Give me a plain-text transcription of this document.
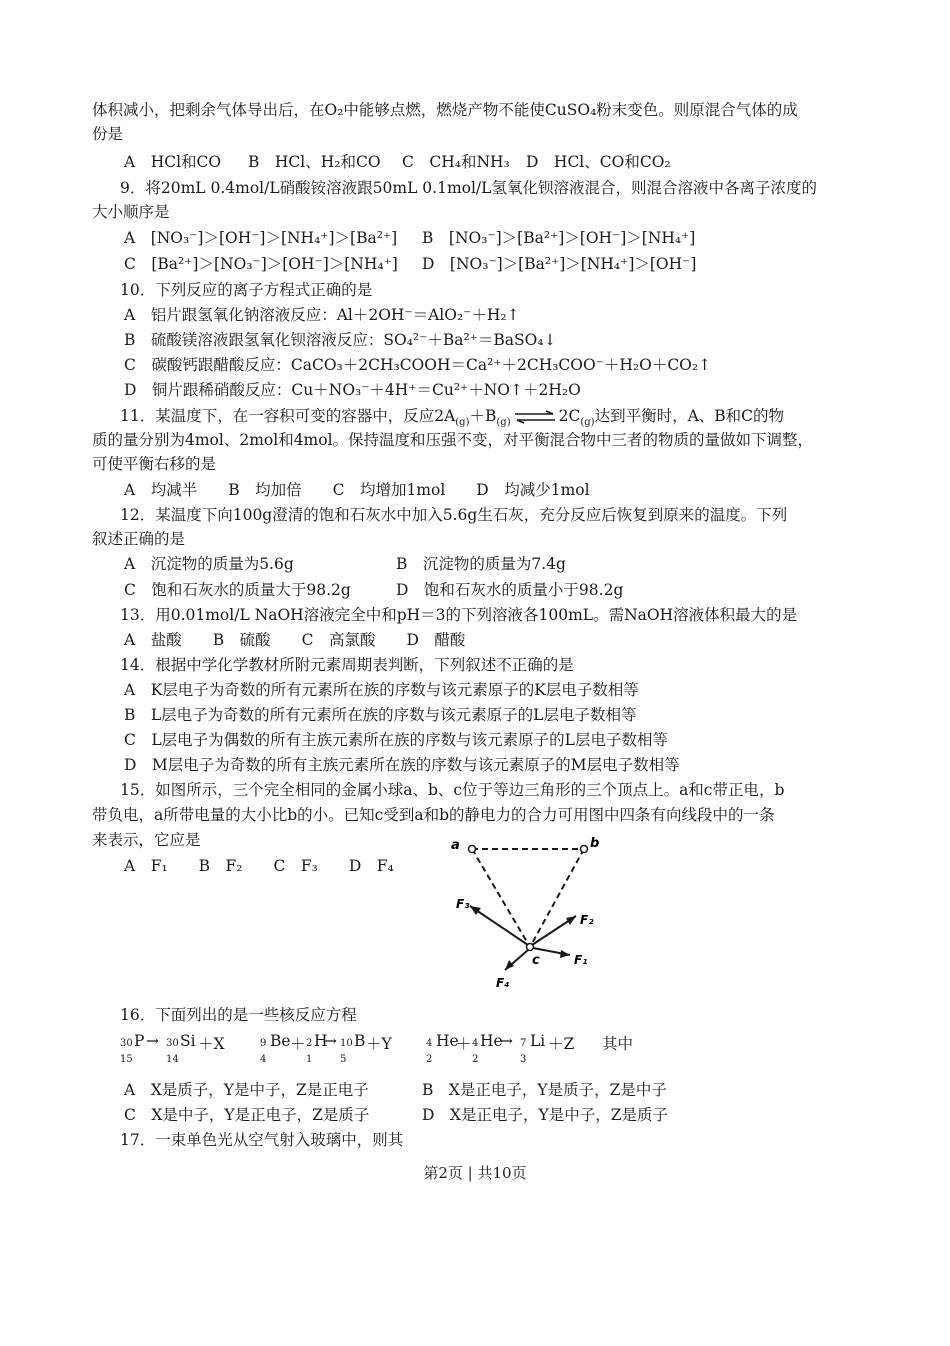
体积减小，把剩余气体导出后，在O₂中能够点燃，燃烧产物不能使CuSO₄粉末变色。则原混合气体的成
份是
A　HCl和CO B　HCl、H₂和CO C　CH₄和NH₃ D　HCl、CO和CO₂
9．将20mL 0.4mol/L硝酸铵溶液跟50mL 0.1mol/L氢氧化钡溶液混合，则混合溶液中各离子浓度的
大小顺序是
A　[NO₃⁻]＞[OH⁻]＞[NH₄⁺]＞[Ba²⁺] B　[NO₃⁻]＞[Ba²⁺]＞[OH⁻]＞[NH₄⁺]
C　[Ba²⁺]＞[NO₃⁻]＞[OH⁻]＞[NH₄⁺] D　[NO₃⁻]＞[Ba²⁺]＞[NH₄⁺]＞[OH⁻]
10．下列反应的离子方程式正确的是
A　铝片跟氢氧化钠溶液反应：Al＋2OH⁻＝AlO₂⁻＋H₂↑
B　硫酸镁溶液跟氢氧化钡溶液反应：SO₄²⁻＋Ba²⁺＝BaSO₄↓
C　碳酸钙跟醋酸反应：CaCO₃＋2CH₃COOH＝Ca²⁺＋2CH₃COO⁻＋H₂O＋CO₂↑
D　铜片跟稀硝酸反应：Cu＋NO₃⁻＋4H⁺＝Cu²⁺＋NO↑＋2H₂O
11．某温度下，在一容积可变的容器中，反应$2A_{(g)}+B_{(g)}$ ⇌ $2C_{(g)}$达到平衡时，A、B和C的物
质的量分别为4mol、2mol和4mol。保持温度和压强不变，对平衡混合物中三者的物质的量做如下调整，
可使平衡右移的是
A　均减半　　B　均加倍　　C　均增加1mol　　D　均减少1mol
12．某温度下向100g澄清的饱和石灰水中加入5.6g生石灰，充分反应后恢复到原来的温度。下列
叙述正确的是
A　沉淀物的质量为5.6g	B　沉淀物的质量为7.4g
C　饱和石灰水的质量大于98.2g	D　饱和石灰水的质量小于98.2g
13．用0.01mol/L NaOH溶液完全中和pH＝3的下列溶液各100mL。需NaOH溶液体积最大的是
A　盐酸　　B　硫酸　　C　高氯酸　　D　醋酸
14．根据中学化学教材所附元素周期表判断，下列叙述不正确的是
A　K层电子为奇数的所有元素所在族的序数与该元素原子的K层电子数相等
B　L层电子为奇数的所有元素所在族的序数与该元素原子的L层电子数相等
C　L层电子为偶数的所有主族元素所在族的序数与该元素原子的L层电子数相等
D　M层电子为奇数的所有主族元素所在族的序数与该元素原子的M层电子数相等
15．如图所示，三个完全相同的金属小球a、b、c位于等边三角形的三个顶点上。a和c带正电，b
带负电，a所带电量的大小比b的小。已知c受到a和b的静电力的合力可用图中四条有向线段中的一条
来表示，它应是
A　F₁　　B　F₂　　C　F₃　　D　F₄
16．下面列出的是一些核反应方程
30
15
P → 30
14
Si ＋X	9
4
Be ＋ 2
1
H
→ 10
5
B ＋Y	4
2
He
＋ 4
2
He
→ 7
3
Li ＋Z 其中
A　X是质子，Y是中子，Z是正电子	B　X是正电子，Y是质子，Z是中子
C　X是中子，Y是正电子，Z是质子	D　X是正电子，Y是中子，Z是质子
17．一束单色光从空气射入玻璃中，则其
a	b
c
F₃
F₂
F₁
F₄
第2页 | 共10页
